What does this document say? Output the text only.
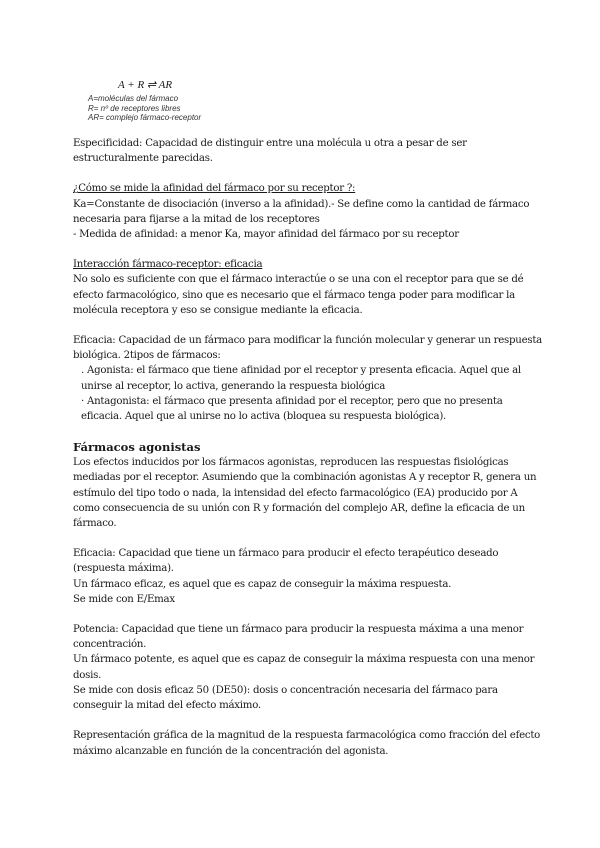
A + R ⇌ AR
A=moléculas del fármaco
R= nº de receptores libres
AR= complejo fármaco-receptor

Especificidad: Capacidad de distinguir entre una molécula u otra a pesar de ser estructuralmente parecidas.

¿Cómo se mide la afinidad del fármaco por su receptor ?:

Ka=Constante de disociación (inverso a la afinidad).- Se define como la cantidad de fármaco necesaria para fijarse a la mitad de los receptores

- Medida de afinidad: a menor Ka, mayor afinidad del fármaco por su receptor

Interacción fármaco-receptor: eficacia

No solo es suficiente con que el fármaco interactúe o se una con el receptor para que se dé efecto farmacológico, sino que es necesario que el fármaco tenga poder para modificar la molécula receptora y eso se consigue mediante la eficacia.

Eficacia: Capacidad de un fármaco para modificar la función molecular y generar un respuesta biológica. 2tipos de fármacos:

. Agonista: el fármaco que tiene afinidad por el receptor y presenta eficacia. Aquel que al unirse al receptor, lo activa, generando la respuesta biológica

· Antagonista: el fármaco que presenta afinidad por el receptor, pero que no presenta eficacia. Aquel que al unirse no lo activa (bloquea su respuesta biológica).

Fármacos agonistas

Los efectos inducidos por los fármacos agonistas, reproducen las respuestas fisiológicas mediadas por el receptor. Asumiendo que la combinación agonistas A y receptor R, genera un estímulo del tipo todo o nada, la intensidad del efecto farmacológico (EA) producido por A como consecuencia de su unión con R y formación del complejo AR, define la eficacia de un fármaco.

Eficacia: Capacidad que tiene un fármaco para producir el efecto terapéutico deseado (respuesta máxima).

Un fármaco eficaz, es aquel que es capaz de conseguir la máxima respuesta.

Se mide con E/Emax

Potencia: Capacidad que tiene un fármaco para producir la respuesta máxima a una menor concentración.

Un fármaco potente, es aquel que es capaz de conseguir la máxima respuesta con una menor dosis.

Se mide con dosis eficaz 50 (DE50): dosis o concentración necesaria del fármaco para conseguir la mitad del efecto máximo.

Representación gráfica de la magnitud de la respuesta farmacológica como fracción del efecto máximo alcanzable en función de la concentración del agonista.
